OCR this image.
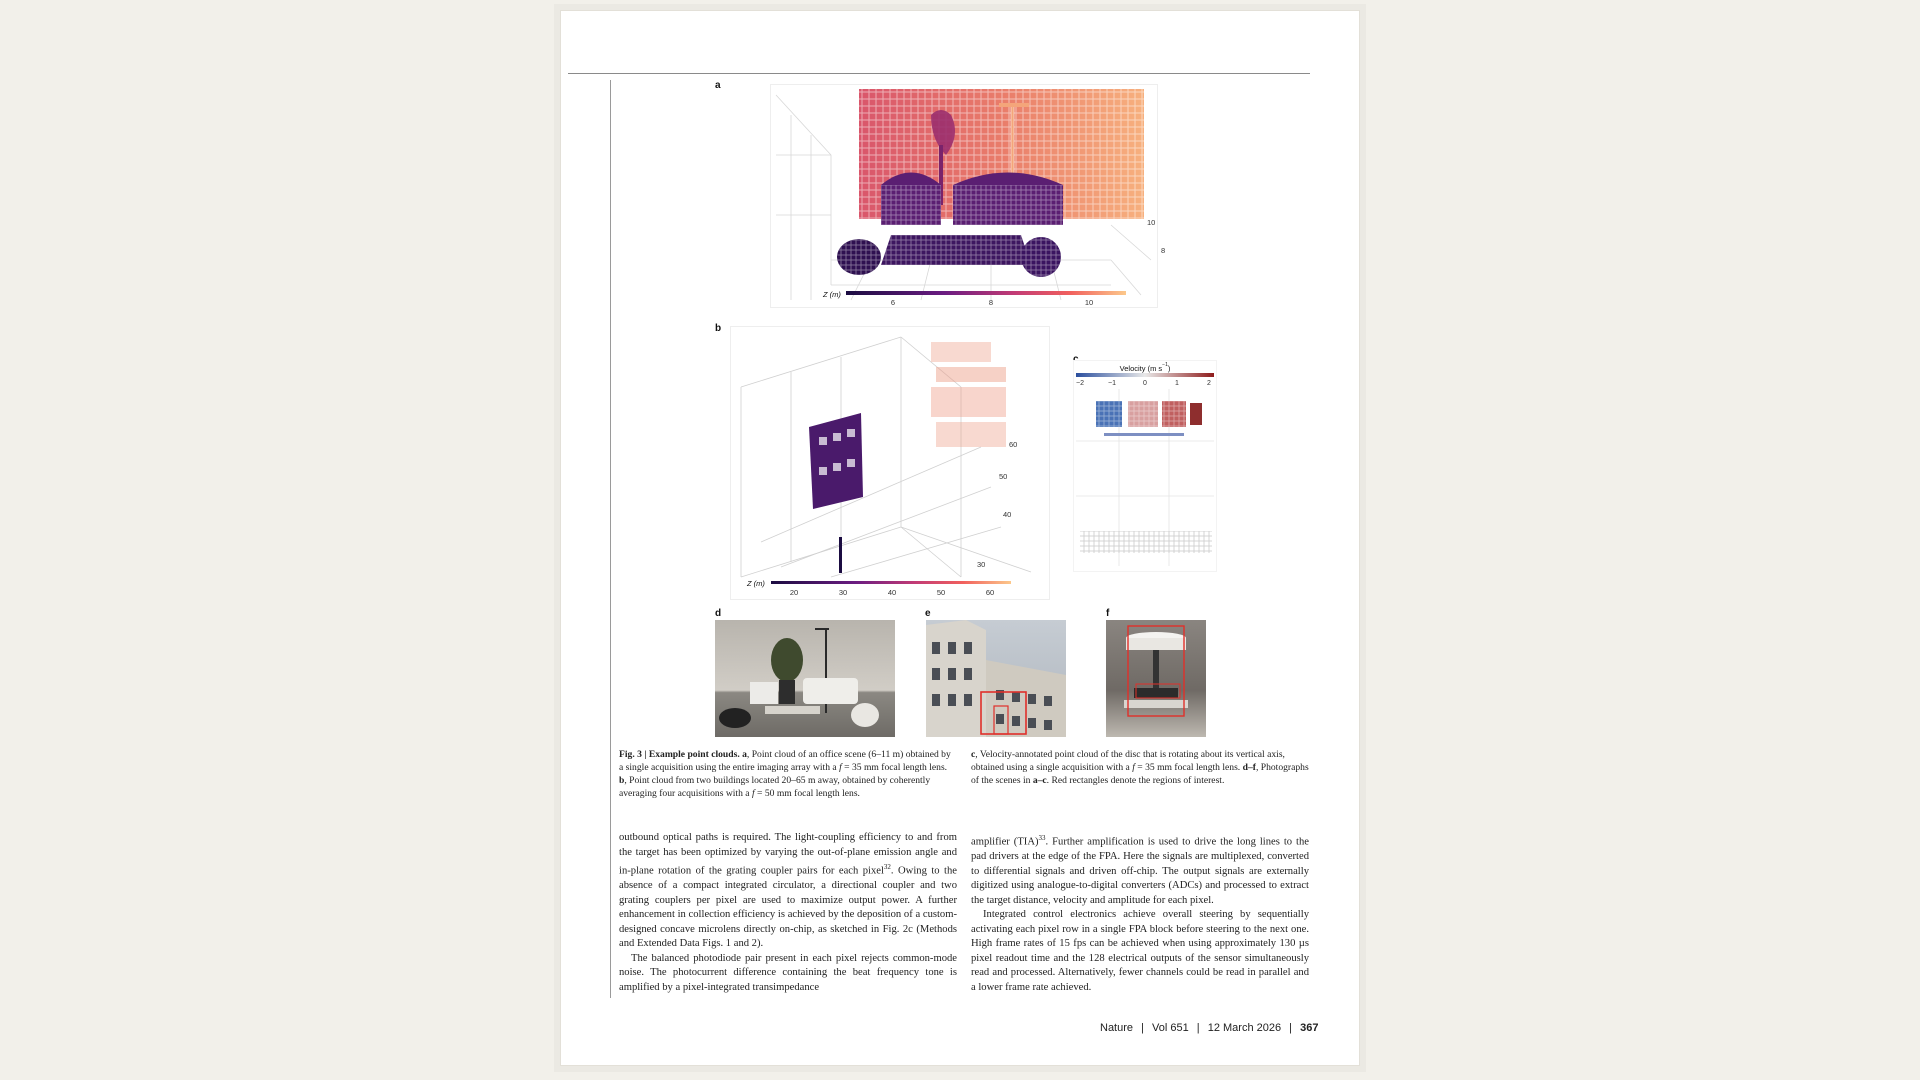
a
10
8
Z (m)
6	8	10
b
60
50
40
30
Z (m)
20	30	40	50	60
Velocity (m $s^{-1}$)
−2	−1	0	1	2
d	e	f
Fig. 3 | Example point clouds. a, Point cloud of an office scene (6–11 m) obtained by a single acquisition using the entire imaging array with a f = 35 mm focal length lens. b, Point cloud from two buildings located 20–65 m away, obtained by coherently averaging four acquisitions with a f = 50 mm focal length lens.
c, Velocity-annotated point cloud of the disc that is rotating about its vertical axis, obtained using a single acquisition with a f = 35 mm focal length lens. d–f, Photographs of the scenes in a–c. Red rectangles denote the regions of interest.

outbound optical paths is required. The light-coupling efficiency to and from the target has been optimized by varying the out-of-plane emission angle and in-plane rotation of the grating coupler pairs for each pixel$^{32}$. Owing to the absence of a compact integrated circulator, a directional coupler and two grating couplers per pixel are used to maximize output power. A further enhancement in collection efficiency is achieved by the deposition of a custom-designed concave microlens directly on-chip, as sketched in Fig. 2c (Methods and Extended Data Figs. 1 and 2).

The balanced photodiode pair present in each pixel rejects common-mode noise. The photocurrent difference containing the beat frequency tone is amplified by a pixel-integrated transimpedance

amplifier (TIA)$^{33}$. Further amplification is used to drive the long lines to the pad drivers at the edge of the FPA. Here the signals are multiplexed, converted to differential signals and driven off-chip. The output signals are externally digitized using analogue-to-digital converters (ADCs) and processed to extract the target distance, velocity and amplitude for each pixel.

Integrated control electronics achieve overall steering by sequentially activating each pixel row in a single FPA block before steering to the next one. High frame rates of 15 fps can be achieved when using approximately 130 µs pixel readout time and the 128 electrical outputs of the sensor simultaneously read and processed. Alternatively, fewer channels could be read in parallel and a lower frame rate achieved.

Nature | Vol 651 | 12 March 2026 | 367
